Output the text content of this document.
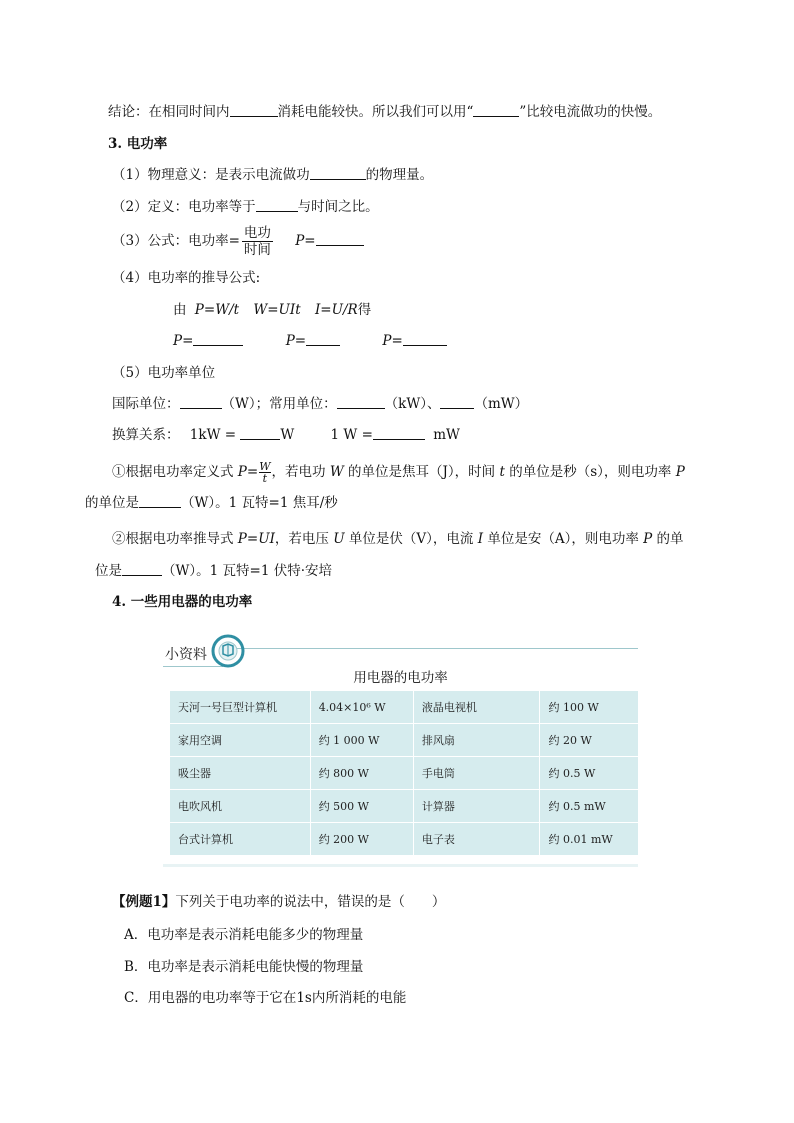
结论：在相同时间内	消耗电能较快。所以我们可以用“	”比较电流做功的快慢。
3. 电功率
（1）物理意义：是表示电流做功	的物理量。
（2）定义：电功率等于	与时间之比。
（3）公式：电功率= $\frac{\text{电功}}{\text{时间}} P=$
（4）电功率的推导公式:
由 P=W/t W=UIt I=U/R得
P=	P=	P=
（5）电功率单位
国际单位：	（W）；常用单位：	（kW）、	（mW）
换算关系： 1kW =	W	1 W =	mW
①根据电功率定义式 $P= \frac{W}{t}$ ，若电功 W 的单位是焦耳（J），时间 t 的单位是秒（s），则电功率 P
的单位是	（W）。1 瓦特=1 焦耳/秒
②根据电功率推导式 P=UI，若电压 U 单位是伏（V），电流 I 单位是安（A），则电功率 P 的单
位是	（W）。1 瓦特=1 伏特·安培
4. 一些用电器的电功率
小资料
用电器的电功率
天河一号巨型计算机	4.04×10⁶ W	液晶电视机	约 100 W
家用空调	约 1 000 W	排风扇	约 20 W
吸尘器	约 800 W	手电筒	约 0.5 W
电吹风机	约 500 W	计算器	约 0.5 mW
台式计算机	约 200 W	电子表	约 0.01 mW
【例题1】下列关于电功率的说法中，错误的是（　　）
A．电功率是表示消耗电能多少的物理量
B．电功率是表示消耗电能快慢的物理量
C．用电器的电功率等于它在1s内所消耗的电能
